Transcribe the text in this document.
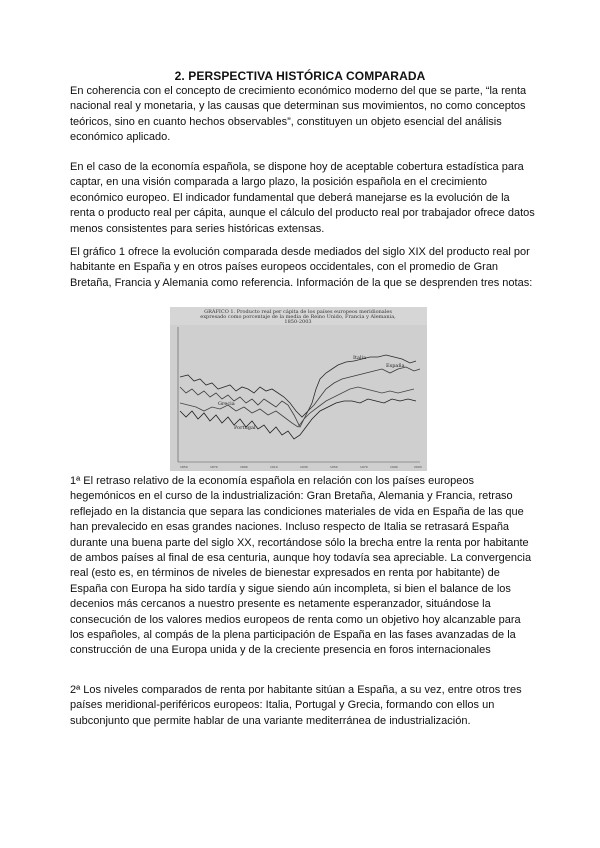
2. PERSPECTIVA HISTÓRICA COMPARADA

En coherencia con el concepto de crecimiento económico moderno del que se parte, “la renta nacional real y monetaria, y las causas que determinan sus movimientos, no como conceptos teóricos, sino en cuanto hechos observables”, constituyen un objeto esencial del análisis económico aplicado.

En el caso de la economía española, se dispone hoy de aceptable cobertura estadística para captar, en una visión comparada a largo plazo, la posición española en el crecimiento económico europeo. El indicador fundamental que deberá manejarse es la evolución de la renta o producto real per cápita, aunque el cálculo del producto real por trabajador ofrece datos menos consistentes para series históricas extensas.

El gráfico 1 ofrece la evolución comparada desde mediados del siglo XIX del producto real por habitante en España y en otros países europeos occidentales, con el promedio de Gran Bretaña, Francia y Alemania como referencia. Información de la que se desprenden tres notas:

GRÁFICO 1. Producto real per cápita de los países europeos meridionales
expresado como porcentaje de la media de Reino Unido, Francia y Alemania,
1850-2003
Italia
España
Grecia
Portugal
1850	1870	1890	1910	1930	1950	1970	1990	2003

1ª El retraso relativo de la economía española en relación con los países europeos hegemónicos en el curso de la industrialización: Gran Bretaña, Alemania y Francia, retraso reflejado en la distancia que separa las condiciones materiales de vida en España de las que han prevalecido en esas grandes naciones. Incluso respecto de Italia se retrasará España durante una buena parte del siglo XX, recortándose sólo la brecha entre la renta por habitante de ambos países al final de esa centuria, aunque hoy todavía sea apreciable. La convergencia real (esto es, en términos de niveles de bienestar expresados en renta por habitante) de España con Europa ha sido tardía y sigue siendo aún incompleta, si bien el balance de los decenios más cercanos a nuestro presente es netamente esperanzador, situándose la consecución de los valores medios europeos de renta como un objetivo hoy alcanzable para los españoles, al compás de la plena participación de España en las fases avanzadas de la construcción de una Europa unida y de la creciente presencia en foros internacionales

2ª Los niveles comparados de renta por habitante sitúan a España, a su vez, entre otros tres países meridional-periféricos europeos: Italia, Portugal y Grecia, formando con ellos un subconjunto que permite hablar de una variante mediterránea de industrialización.
